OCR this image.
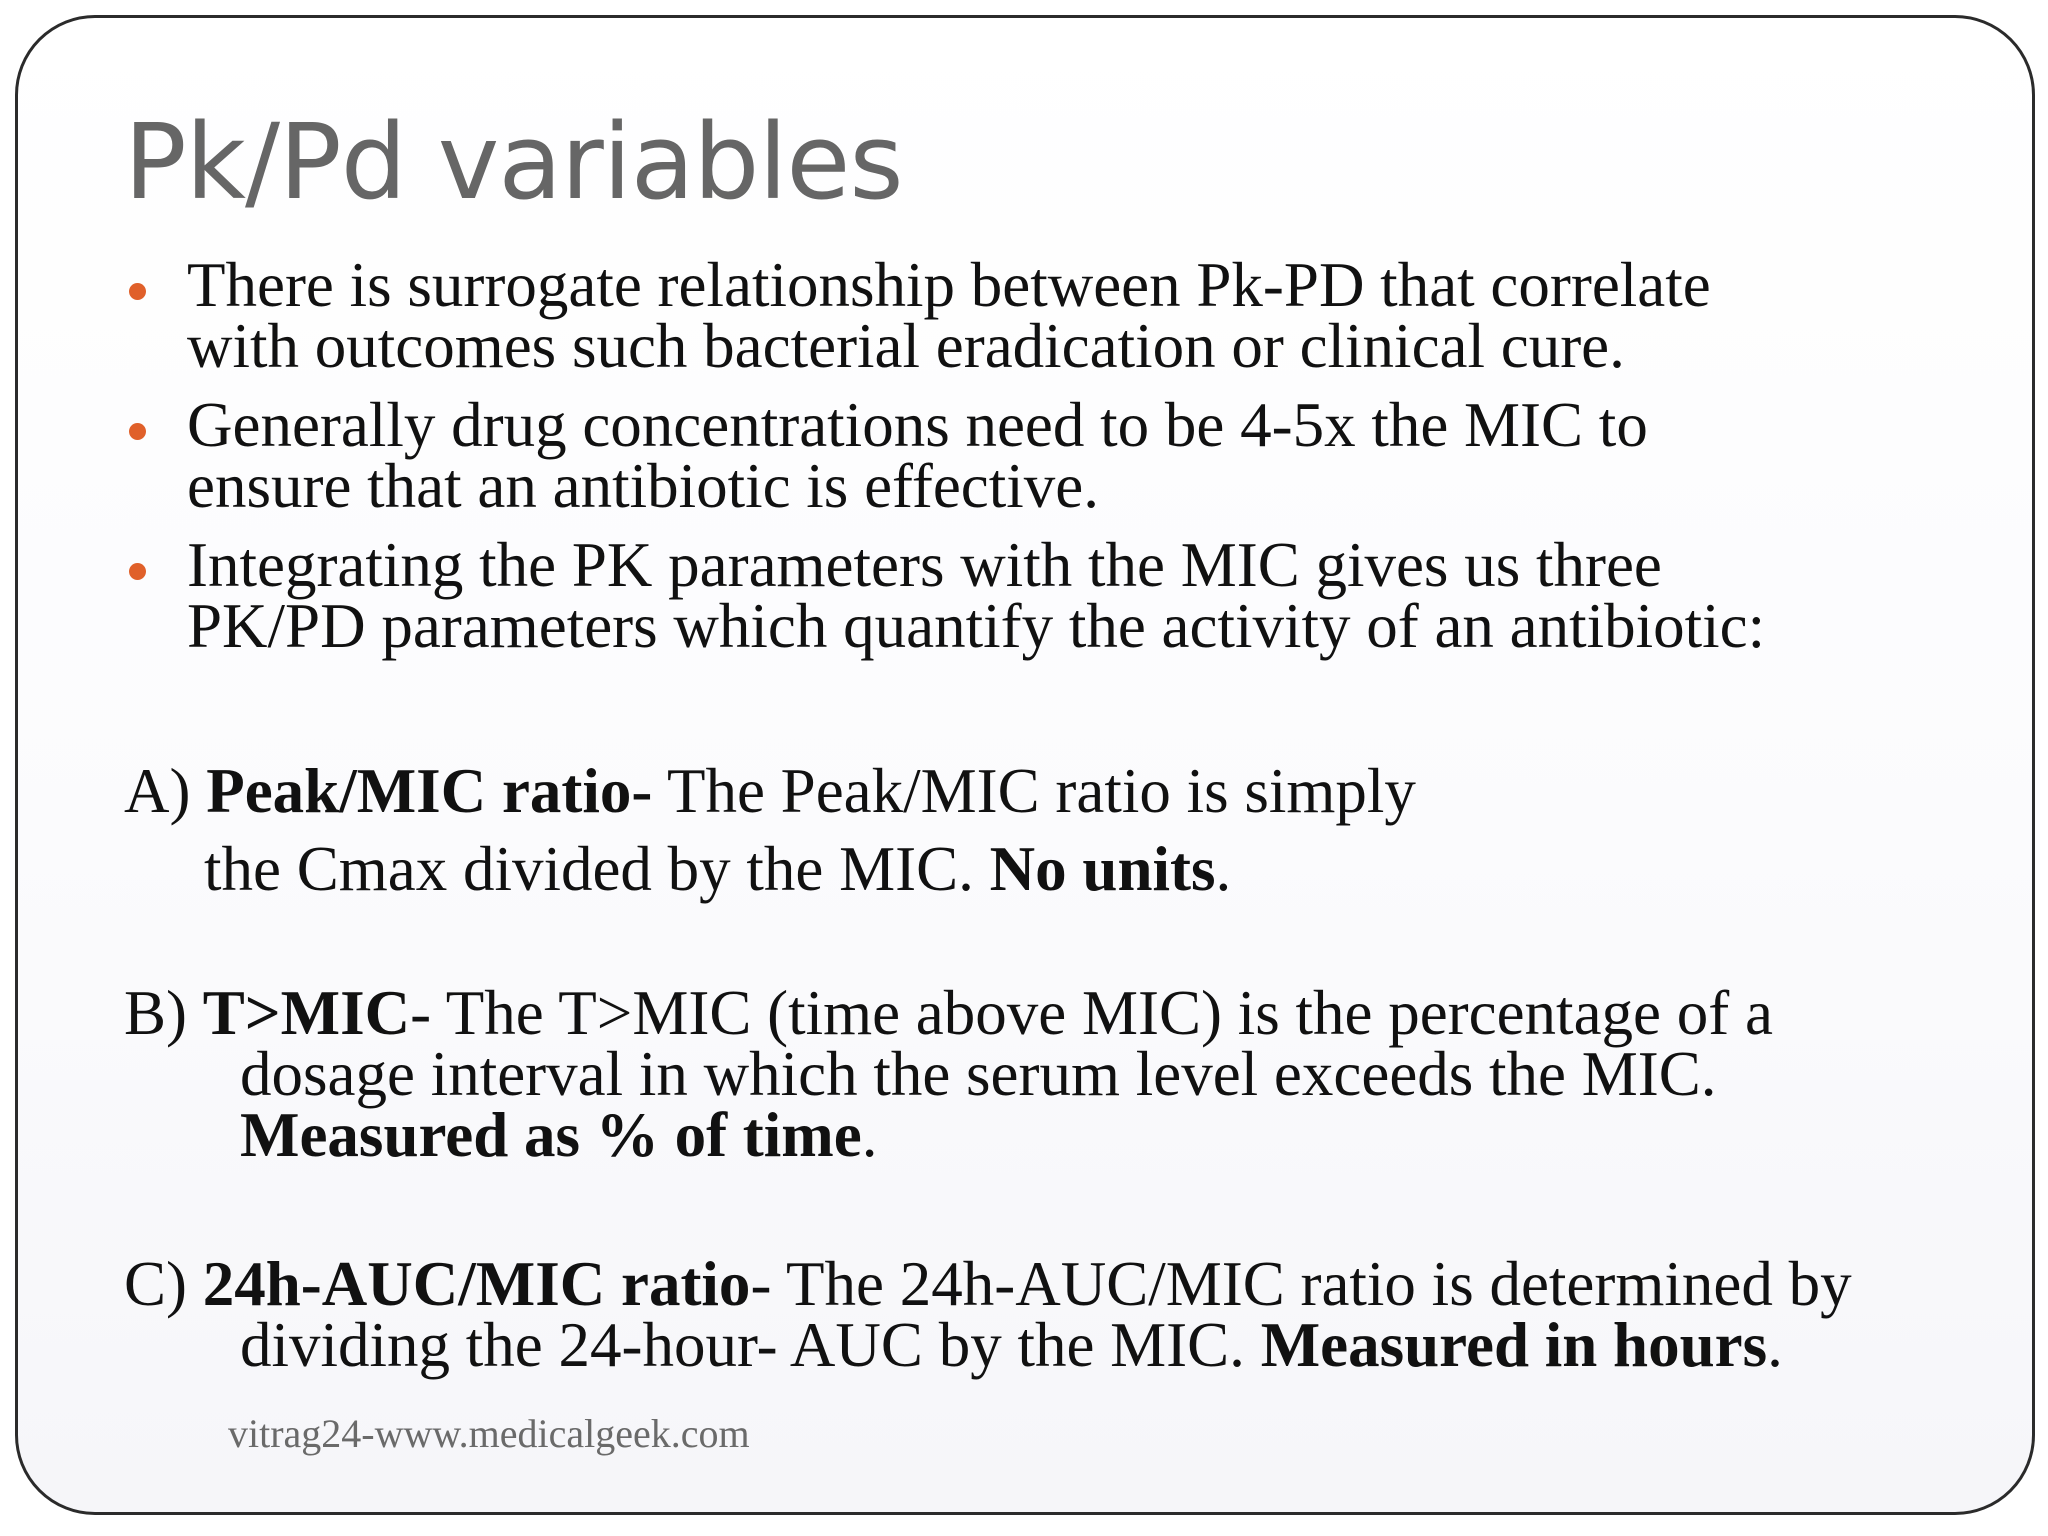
Pk/Pd variables
There is surrogate relationship between Pk-PD that correlate
with outcomes such bacterial eradication or clinical cure.
Generally drug concentrations need to be 4-5x the MIC to
ensure that an antibiotic is effective.
Integrating the PK parameters with the MIC gives us three
PK/PD parameters which quantify the activity of an antibiotic:
A) Peak/MIC ratio- The Peak/MIC ratio is simply
the Cmax divided by the MIC. No units.
B) T>MIC- The T>MIC (time above MIC) is the percentage of a
dosage interval in which the serum level exceeds the MIC.
Measured as % of time.
C) 24h-AUC/MIC ratio- The 24h-AUC/MIC ratio is determined by
dividing the 24-hour- AUC by the MIC. Measured in hours.
vitrag24-www.medicalgeek.com
